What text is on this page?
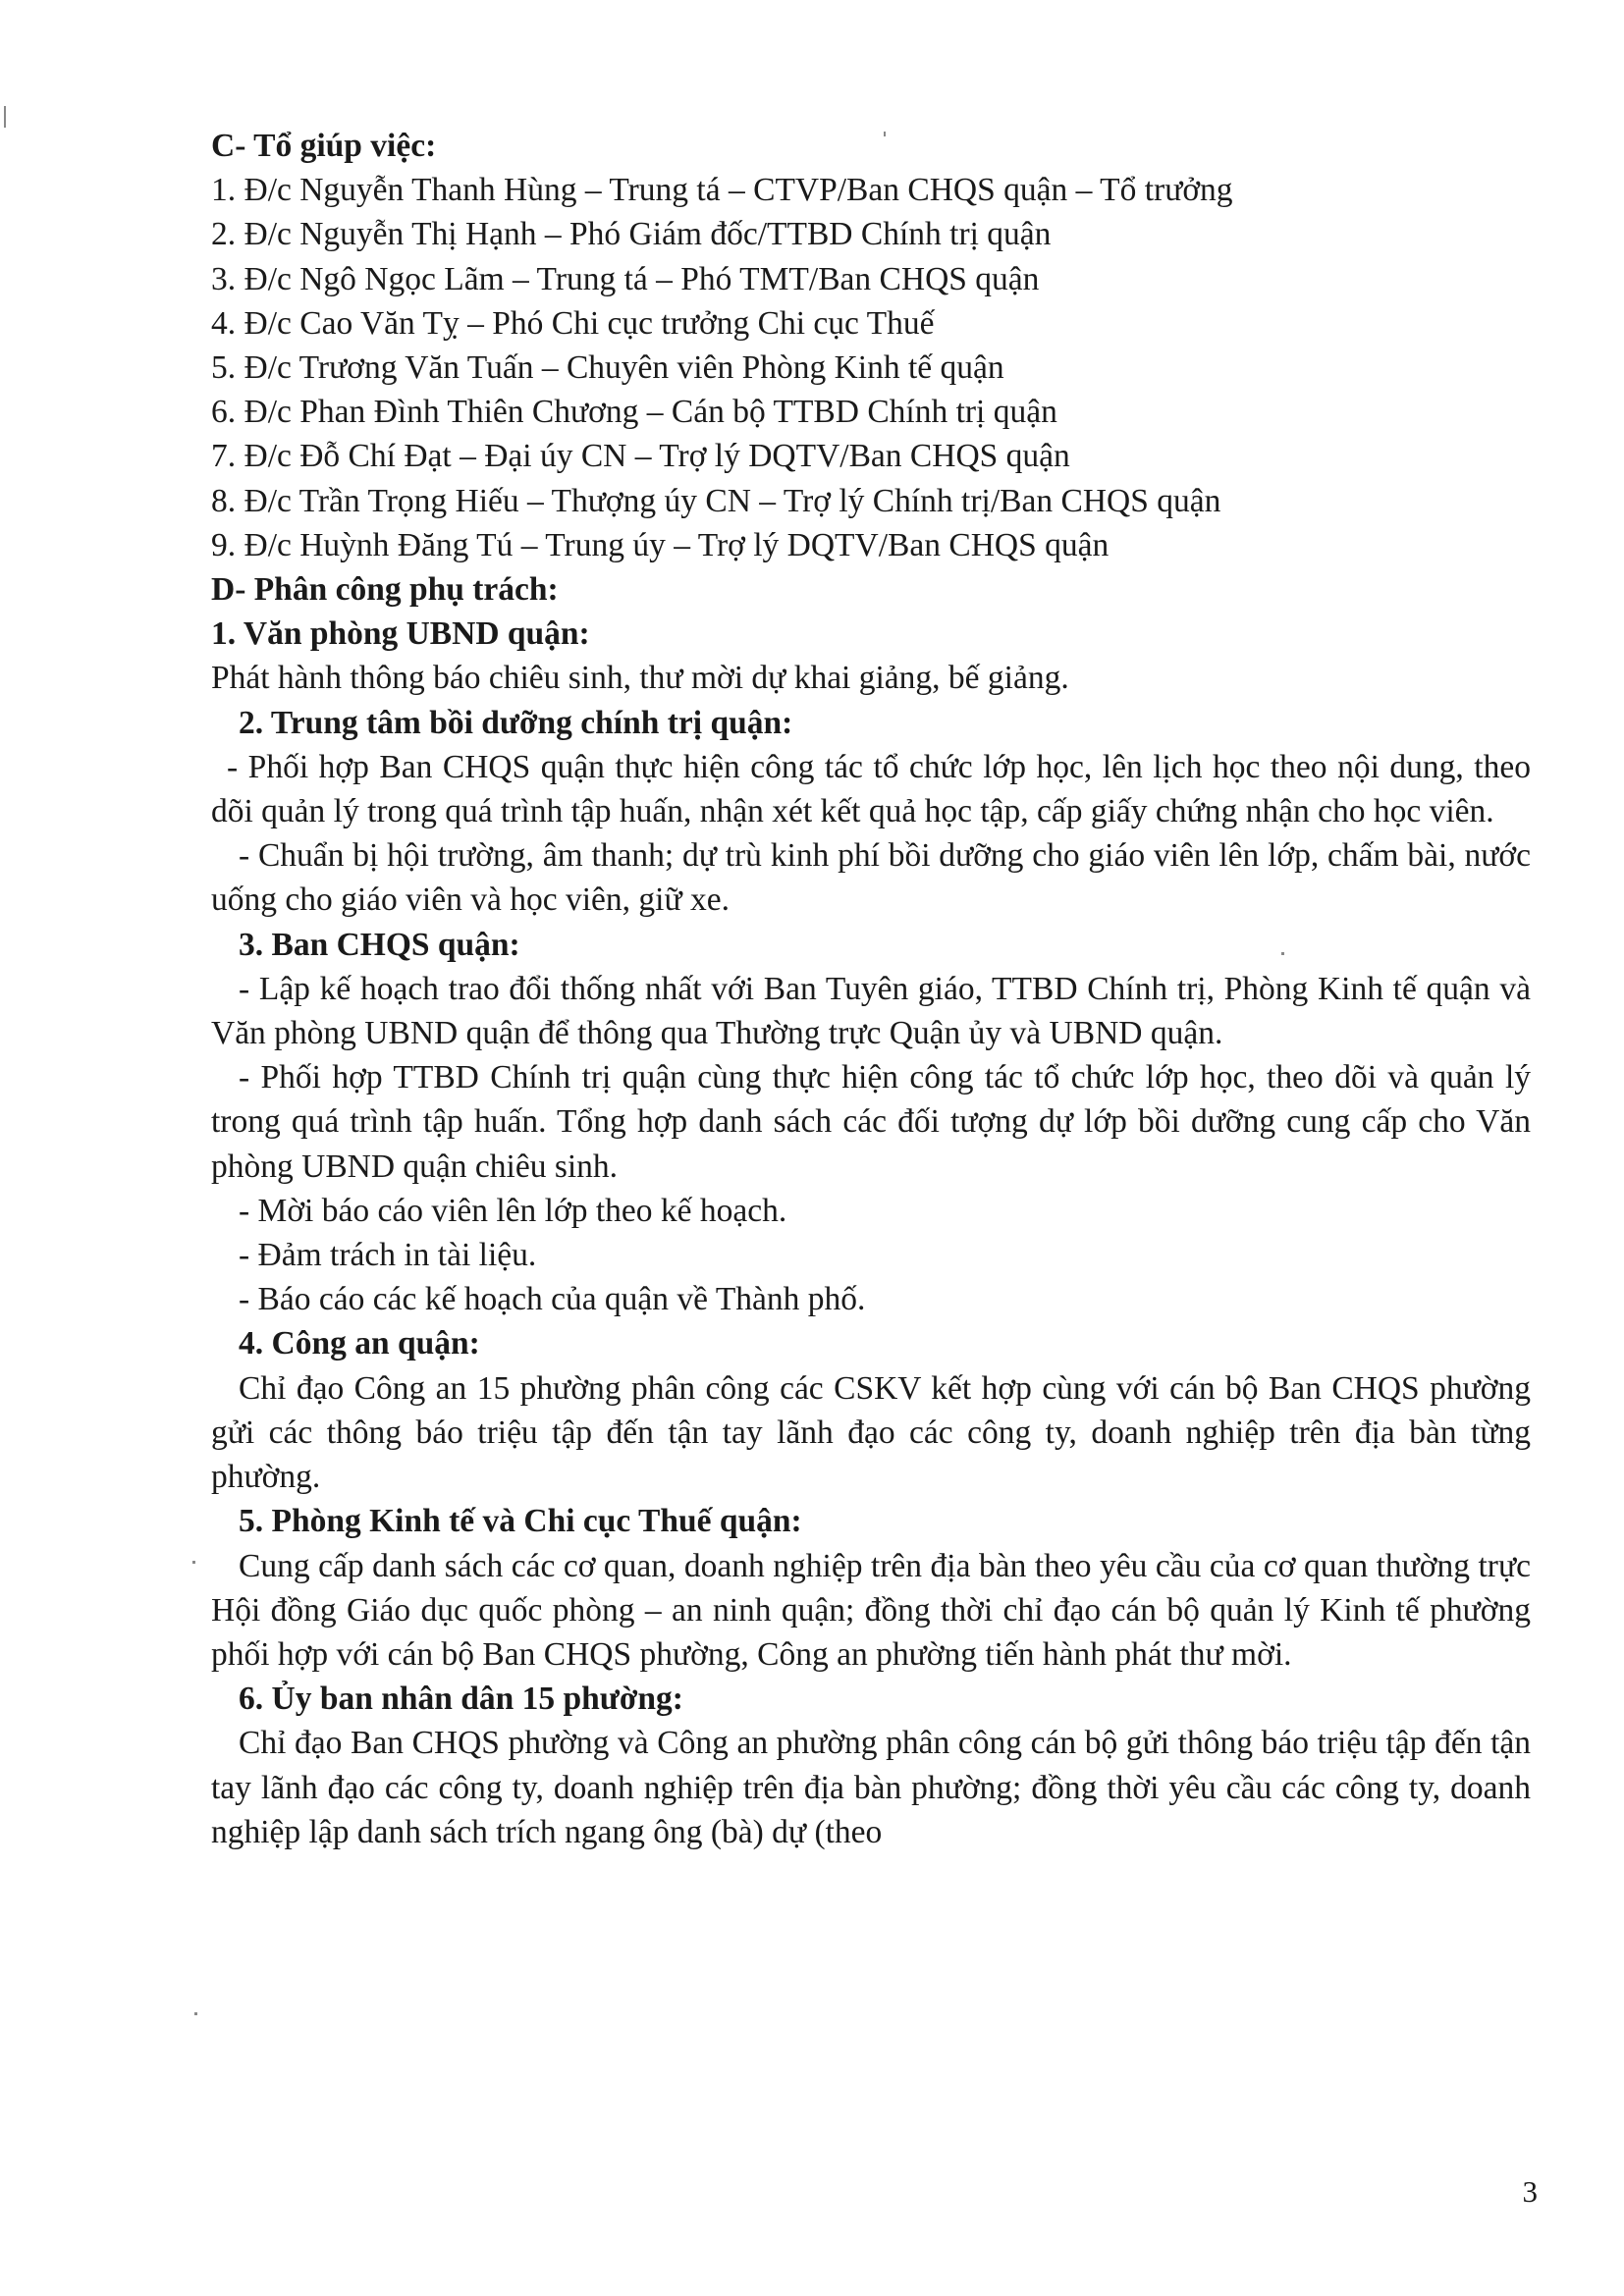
C- Tổ giúp việc:
1. Đ/c Nguyễn Thanh Hùng – Trung tá – CTVP/Ban CHQS quận – Tổ trưởng
2. Đ/c Nguyễn Thị Hạnh – Phó Giám đốc/TTBD Chính trị quận
3. Đ/c Ngô Ngọc Lãm – Trung tá – Phó TMT/Ban CHQS quận
4. Đ/c Cao Văn Tỵ – Phó Chi cục trưởng Chi cục Thuế
5. Đ/c Trương Văn Tuấn – Chuyên viên Phòng Kinh tế quận
6. Đ/c Phan Đình Thiên Chương – Cán bộ TTBD Chính trị quận
7. Đ/c Đỗ Chí Đạt – Đại úy CN – Trợ lý DQTV/Ban CHQS quận
8. Đ/c Trần Trọng Hiếu – Thượng úy CN – Trợ lý Chính trị/Ban CHQS quận
9. Đ/c Huỳnh Đăng Tú – Trung úy – Trợ lý DQTV/Ban CHQS quận
D- Phân công phụ trách:
1. Văn phòng UBND quận:
Phát hành thông báo chiêu sinh, thư mời dự khai giảng, bế giảng.
2. Trung tâm bồi dưỡng chính trị quận:
- Phối hợp Ban CHQS quận thực hiện công tác tổ chức lớp học, lên lịch học theo nội dung, theo dõi quản lý trong quá trình tập huấn, nhận xét kết quả học tập, cấp giấy chứng nhận cho học viên.
- Chuẩn bị hội trường, âm thanh; dự trù kinh phí bồi dưỡng cho giáo viên lên lớp, chấm bài, nước uống cho giáo viên và học viên, giữ xe.
3. Ban CHQS quận:
- Lập kế hoạch trao đổi thống nhất với Ban Tuyên giáo, TTBD Chính trị, Phòng Kinh tế quận và Văn phòng UBND quận để thông qua Thường trực Quận ủy và UBND quận.
- Phối hợp TTBD Chính trị quận cùng thực hiện công tác tổ chức lớp học, theo dõi và quản lý trong quá trình tập huấn. Tổng hợp danh sách các đối tượng dự lớp bồi dưỡng cung cấp cho Văn phòng UBND quận chiêu sinh.
- Mời báo cáo viên lên lớp theo kế hoạch.
- Đảm trách in tài liệu.
- Báo cáo các kế hoạch của quận về Thành phố.
4. Công an quận:
Chỉ đạo Công an 15 phường phân công các CSKV kết hợp cùng với cán bộ Ban CHQS phường gửi các thông báo triệu tập đến tận tay lãnh đạo các công ty, doanh nghiệp trên địa bàn từng phường.
5. Phòng Kinh tế và Chi cục Thuế quận:
Cung cấp danh sách các cơ quan, doanh nghiệp trên địa bàn theo yêu cầu của cơ quan thường trực Hội đồng Giáo dục quốc phòng – an ninh quận; đồng thời chỉ đạo cán bộ quản lý Kinh tế phường phối hợp với cán bộ Ban CHQS phường, Công an phường tiến hành phát thư mời.
6. Ủy ban nhân dân 15 phường:
Chỉ đạo Ban CHQS phường và Công an phường phân công cán bộ gửi thông báo triệu tập đến tận tay lãnh đạo các công ty, doanh nghiệp trên địa bàn phường; đồng thời yêu cầu các công ty, doanh nghiệp lập danh sách trích ngang ông (bà) dự (theo
3
